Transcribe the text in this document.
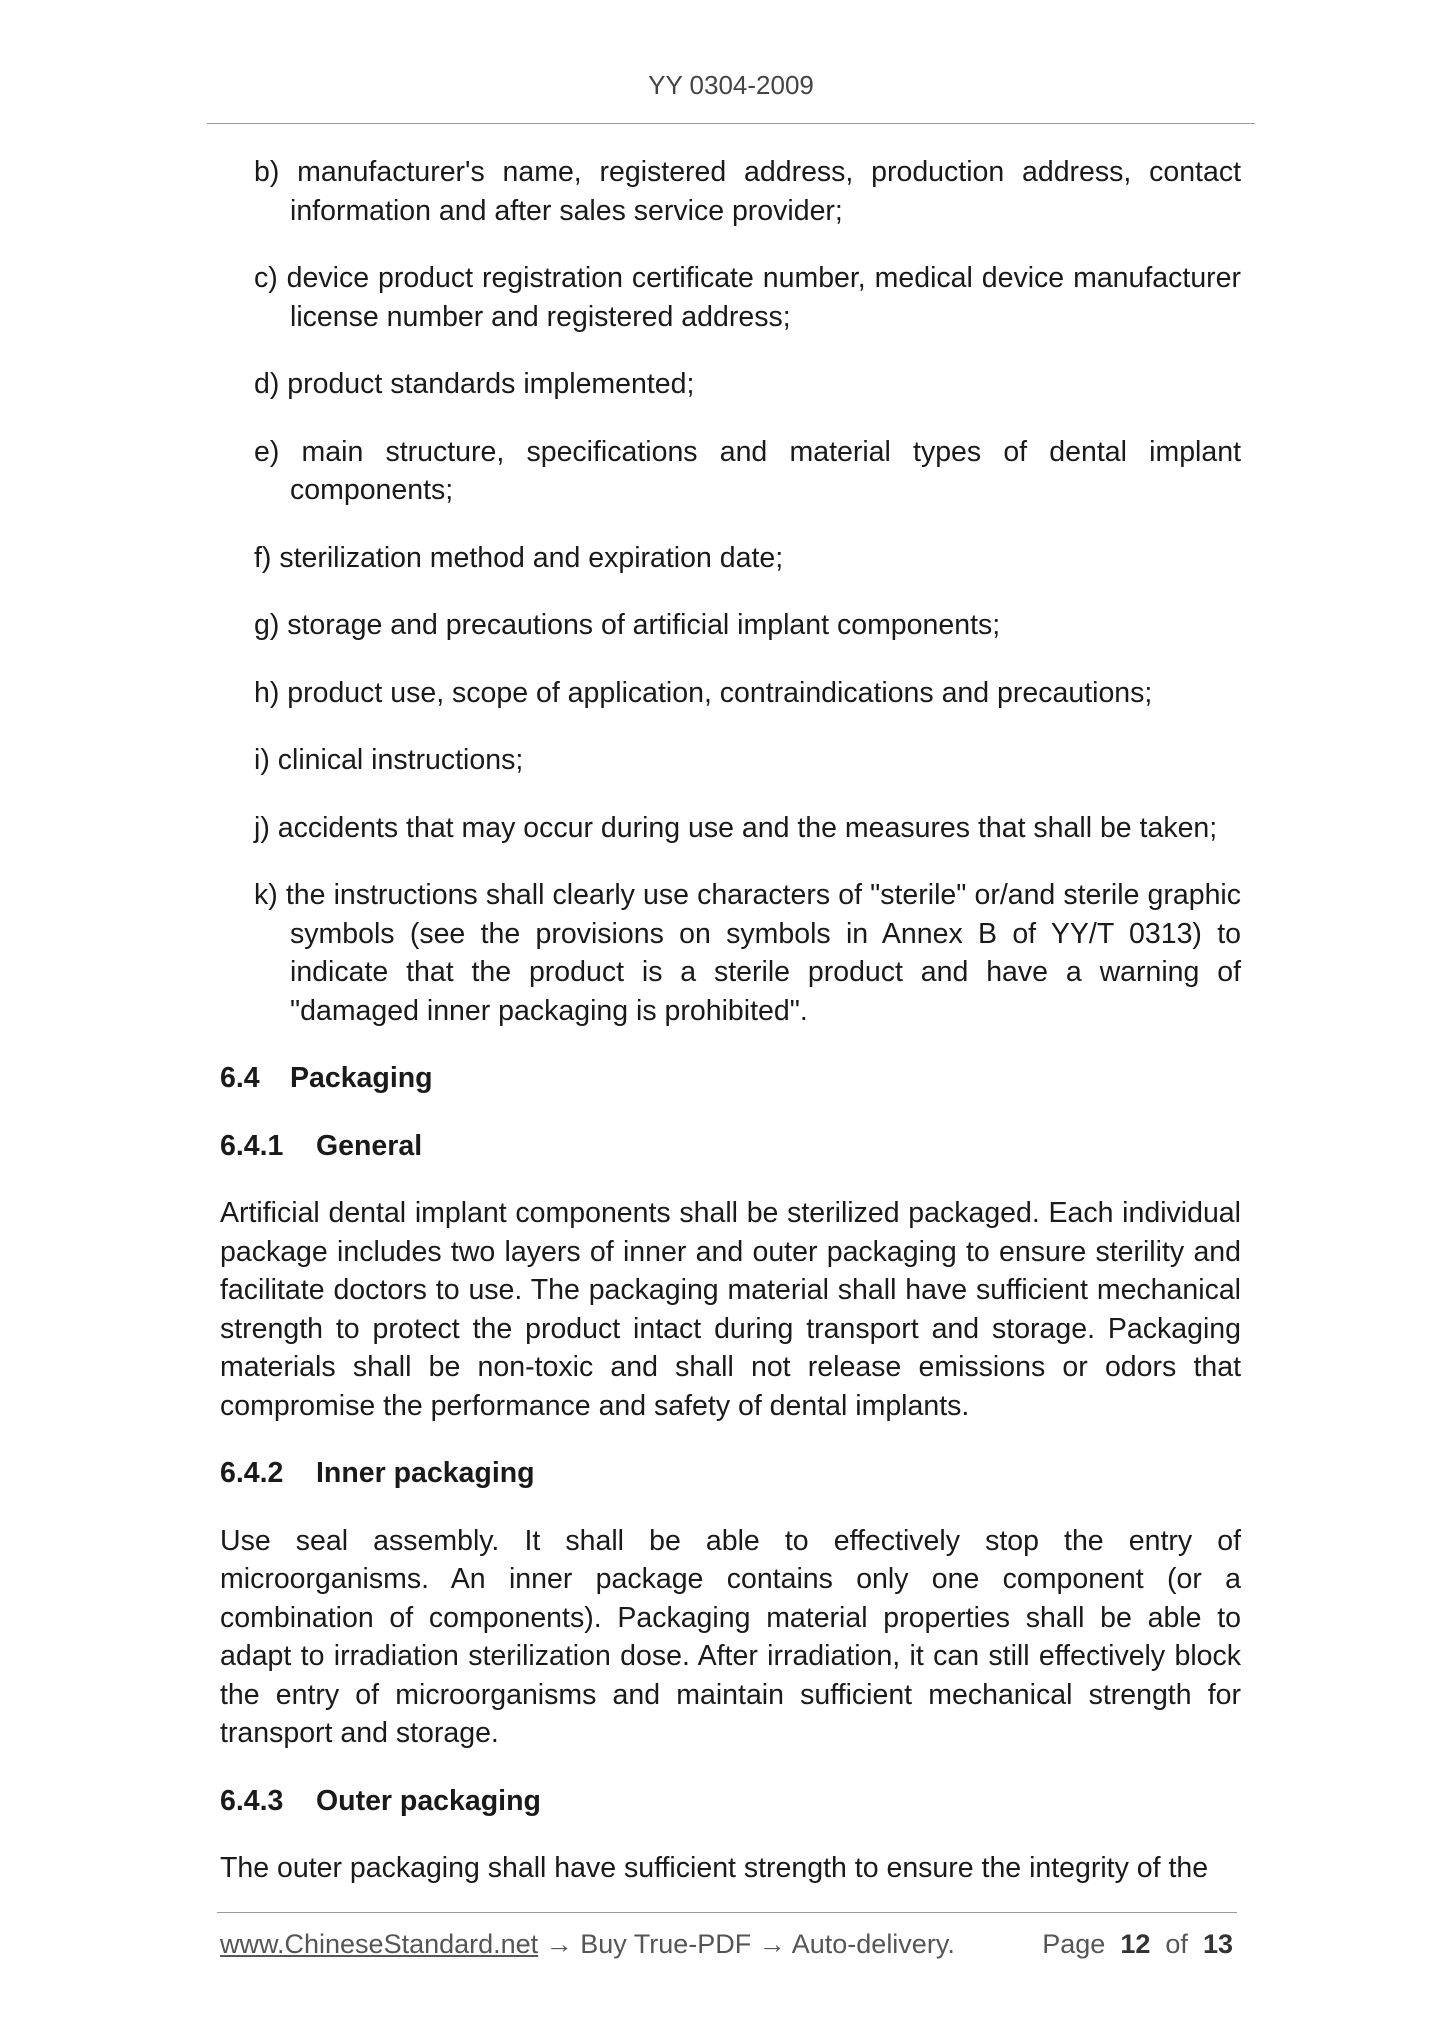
YY 0304-2009
b) manufacturer's name, registered address, production address, contact information and after sales service provider;
c) device product registration certificate number, medical device manufacturer license number and registered address;
d) product standards implemented;
e) main structure, specifications and material types of dental implant components;
f) sterilization method and expiration date;
g) storage and precautions of artificial implant components;
h) product use, scope of application, contraindications and precautions;
i) clinical instructions;
j) accidents that may occur during use and the measures that shall be taken;
k) the instructions shall clearly use characters of "sterile" or/and sterile graphic symbols (see the provisions on symbols in Annex B of YY/T 0313) to indicate that the product is a sterile product and have a warning of "damaged inner packaging is prohibited".
6.4 Packaging
6.4.1 General
Artificial dental implant components shall be sterilized packaged. Each individual package includes two layers of inner and outer packaging to ensure sterility and facilitate doctors to use. The packaging material shall have sufficient mechanical strength to protect the product intact during transport and storage. Packaging materials shall be non-toxic and shall not release emissions or odors that compromise the performance and safety of dental implants.
6.4.2 Inner packaging
Use seal assembly. It shall be able to effectively stop the entry of microorganisms. An inner package contains only one component (or a combination of components). Packaging material properties shall be able to adapt to irradiation sterilization dose. After irradiation, it can still effectively block the entry of microorganisms and maintain sufficient mechanical strength for transport and storage.
6.4.3 Outer packaging
The outer packaging shall have sufficient strength to ensure the integrity of the
www.ChineseStandard.net → Buy True-PDF → Auto-delivery.	Page 12 of 13
